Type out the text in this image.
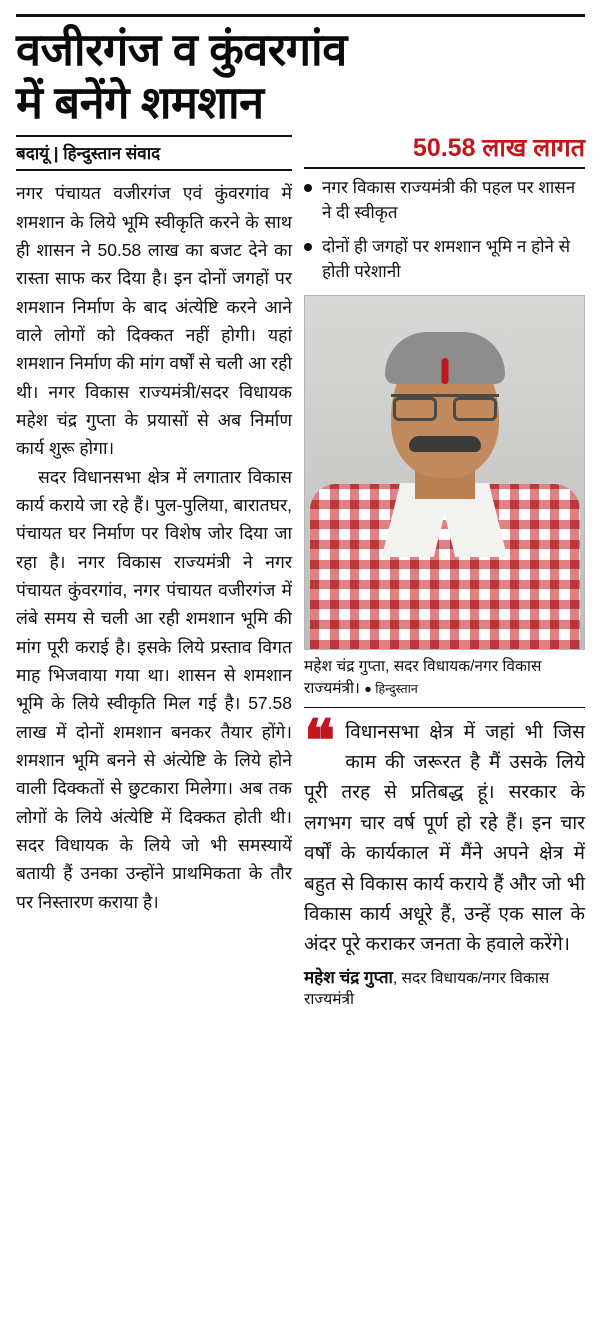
वजीरगंज व कुंवरगांव
में बनेंगे शमशान
बदायूं | हिन्दुस्तान संवाद

नगर पंचायत वजीरगंज एवं कुंवरगांव में शमशान के लिये भूमि स्वीकृति करने के साथ ही शासन ने 50.58 लाख का बजट देने का रास्ता साफ कर दिया है। इन दोनों जगहों पर शमशान निर्माण के बाद अंत्येष्टि करने आने वाले लोगों को दिक्कत नहीं होगी। यहां शमशान निर्माण की मांग वर्षों से चली आ रही थी। नगर विकास राज्यमंत्री/सदर विधायक महेश चंद्र गुप्ता के प्रयासों से अब निर्माण कार्य शुरू होगा।

सदर विधानसभा क्षेत्र में लगातार विकास कार्य कराये जा रहे हैं। पुल-पुलिया, बारातघर, पंचायत घर निर्माण पर विशेष जोर दिया जा रहा है। नगर विकास राज्यमंत्री ने नगर पंचायत कुंवरगांव, नगर पंचायत वजीरगंज में लंबे समय से चली आ रही शमशान भूमि की मांग पूरी कराई है। इसके लिये प्रस्ताव विगत माह भिजवाया गया था। शासन से शमशान भूमि के लिये स्वीकृति मिल गई है। 57.58 लाख में दोनों शमशान बनकर तैयार होंगे। शमशान भूमि बनने से अंत्येष्टि के लिये होने वाली दिक्कतों से छुटकारा मिलेगा। अब तक लोगों के लिये अंत्येष्टि में दिक्कत होती थी। सदर विधायक के लिये जो भी समस्यायें बतायी हैं उनका उन्होंने प्राथमिकता के तौर पर निस्तारण कराया है।

50.58 लाख लागत
नगर विकास राज्यमंत्री की पहल पर शासन ने दी स्वीकृत
दोनों ही जगहों पर शमशान भूमि न होने से होती परेशानी
महेश चंद्र गुप्ता, सदर विधायक/नगर विकास राज्यमंत्री। ● हिन्दुस्तान
❝ विधानसभा क्षेत्र में जहां भी जिस काम की जरूरत है मैं उसके लिये पूरी तरह से प्रतिबद्ध हूं। सरकार के लगभग चार वर्ष पूर्ण हो रहे हैं। इन चार वर्षों के कार्यकाल में मैंने अपने क्षेत्र में बहुत से विकास कार्य कराये हैं और जो भी विकास कार्य अधूरे हैं, उन्हें एक साल के अंदर पूरे कराकर जनता के हवाले करेंगे।
महेश चंद्र गुप्ता, सदर विधायक/नगर विकास राज्यमंत्री
